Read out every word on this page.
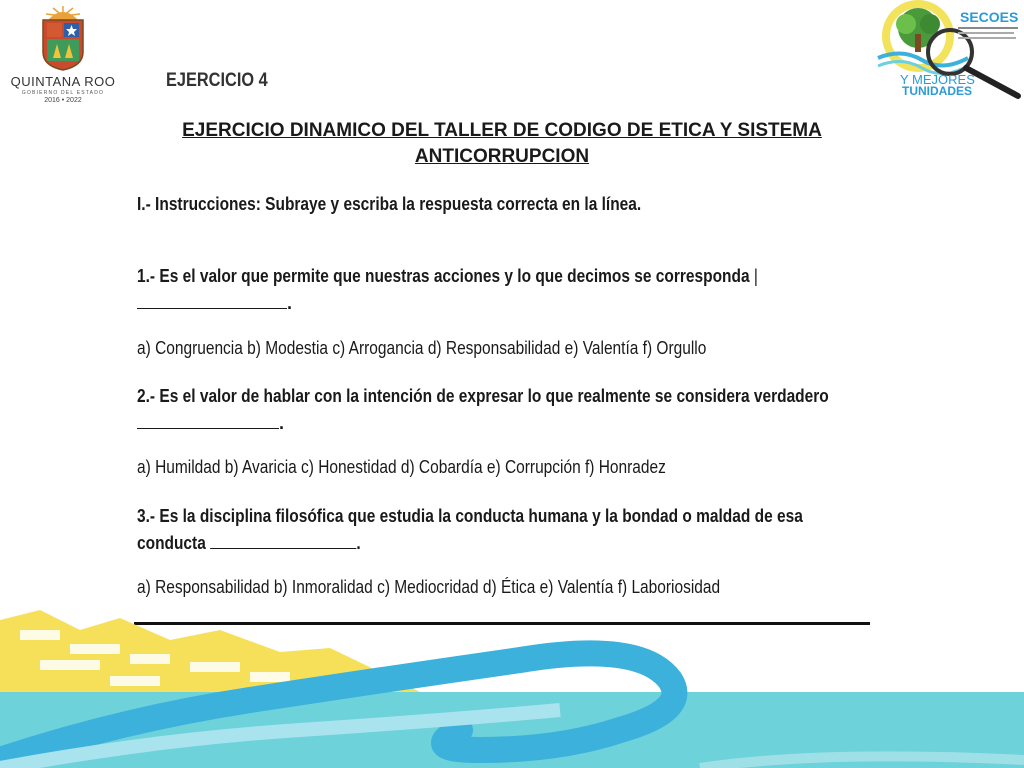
QUINTANA ROO
GOBIERNO DEL ESTADO
2016 • 2022
SECOES
Y MEJORES
TUNIDADES
EJERCICIO 4
EJERCICIO DINAMICO DEL TALLER DE CODIGO DE ETICA Y SISTEMA
ANTICORRUPCION
I.- Instrucciones: Subraye y escriba la respuesta correcta en la línea.
1.- Es el valor que permite que nuestras acciones y lo que decimos se corresponda |
.
a) Congruencia b) Modestia c) Arrogancia d) Responsabilidad e) Valentía f) Orgullo
2.- Es el valor de hablar con la intención de expresar lo que realmente se considera verdadero
.
a) Humildad b) Avaricia c) Honestidad d) Cobardía e) Corrupción f) Honradez
3.- Es la disciplina filosófica que estudia la conducta humana y la bondad o maldad de esa
conducta	.
a) Responsabilidad b) Inmoralidad c) Mediocridad d) Ética e) Valentía f) Laboriosidad
